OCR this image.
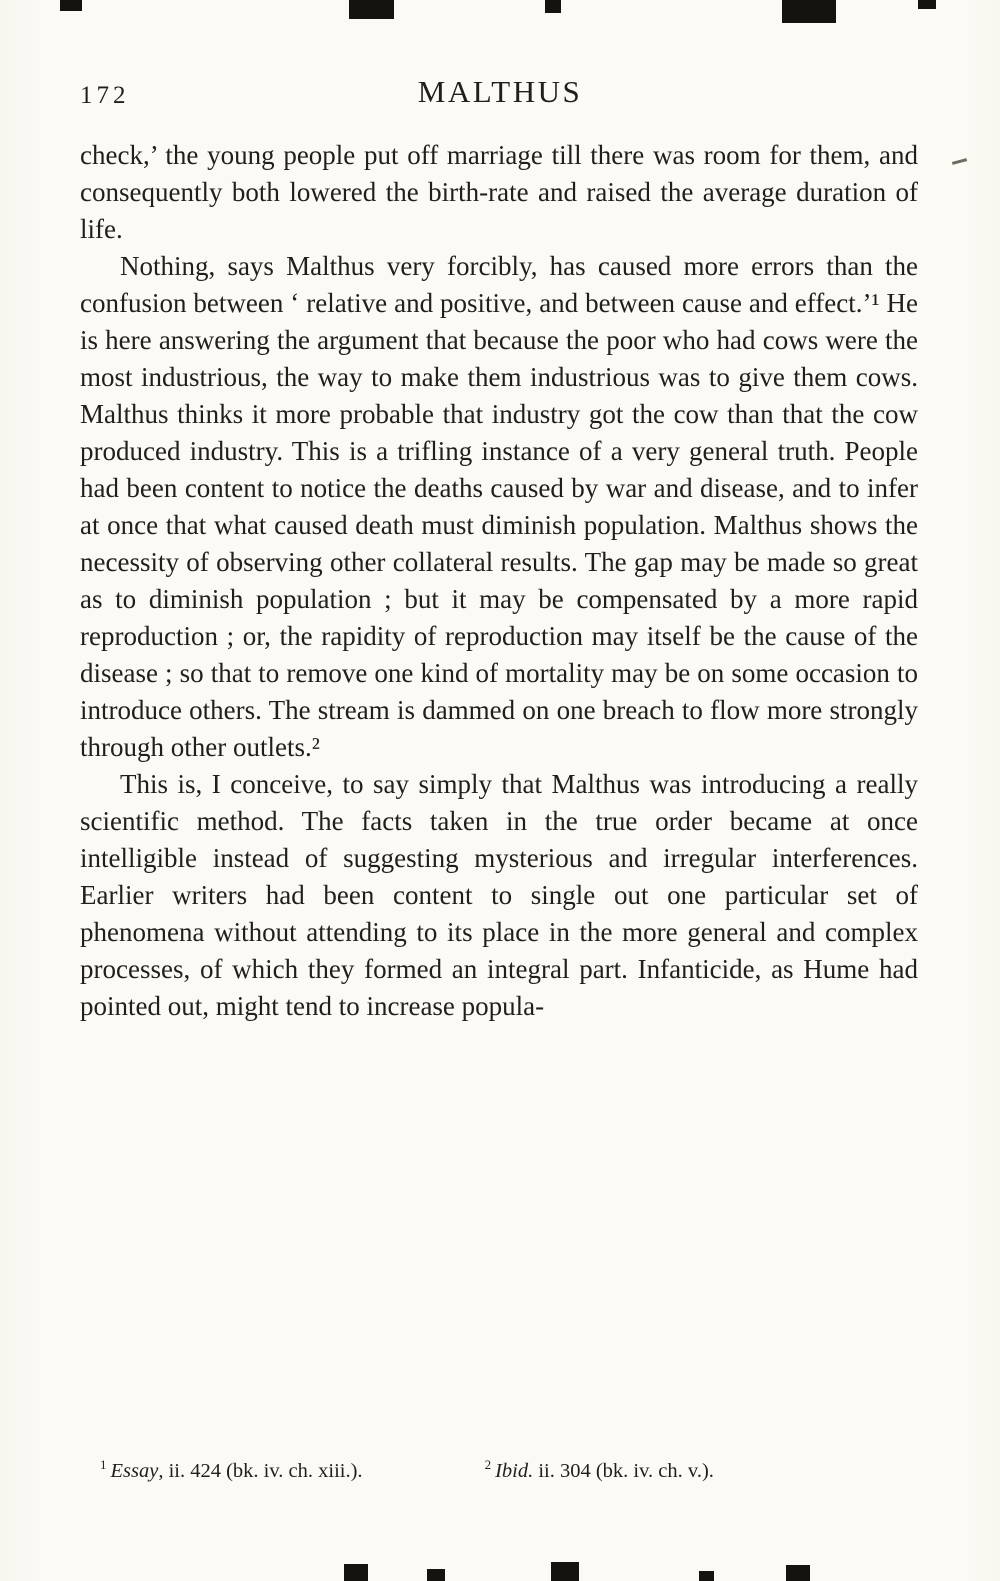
172	MALTHUS

check,’ the young people put off marriage till there was room for them, and consequently both lowered the birth-rate and raised the average duration of life.

Nothing, says Malthus very forcibly, has caused more errors than the confusion between ‘ relative and positive, and between cause and effect.’¹ He is here answering the argument that because the poor who had cows were the most industrious, the way to make them industrious was to give them cows. Malthus thinks it more probable that industry got the cow than that the cow produced industry. This is a trifling instance of a very general truth. People had been content to notice the deaths caused by war and disease, and to infer at once that what caused death must diminish population. Malthus shows the necessity of observing other collateral results. The gap may be made so great as to diminish population ; but it may be compensated by a more rapid reproduction ; or, the rapidity of reproduction may itself be the cause of the disease ; so that to remove one kind of mortality may be on some occasion to introduce others. The stream is dammed on one breach to flow more strongly through other outlets.²

This is, I conceive, to say simply that Malthus was introducing a really scientific method. The facts taken in the true order became at once intelligible instead of suggesting mysterious and irregular interferences. Earlier writers had been content to single out one particular set of phenomena without attending to its place in the more general and complex processes, of which they formed an integral part. Infanticide, as Hume had pointed out, might tend to increase popula-

$^1$ Essay, ii. 424 (bk. iv. ch. xiii.).	$^2$ Ibid. ii. 304 (bk. iv. ch. v.).
